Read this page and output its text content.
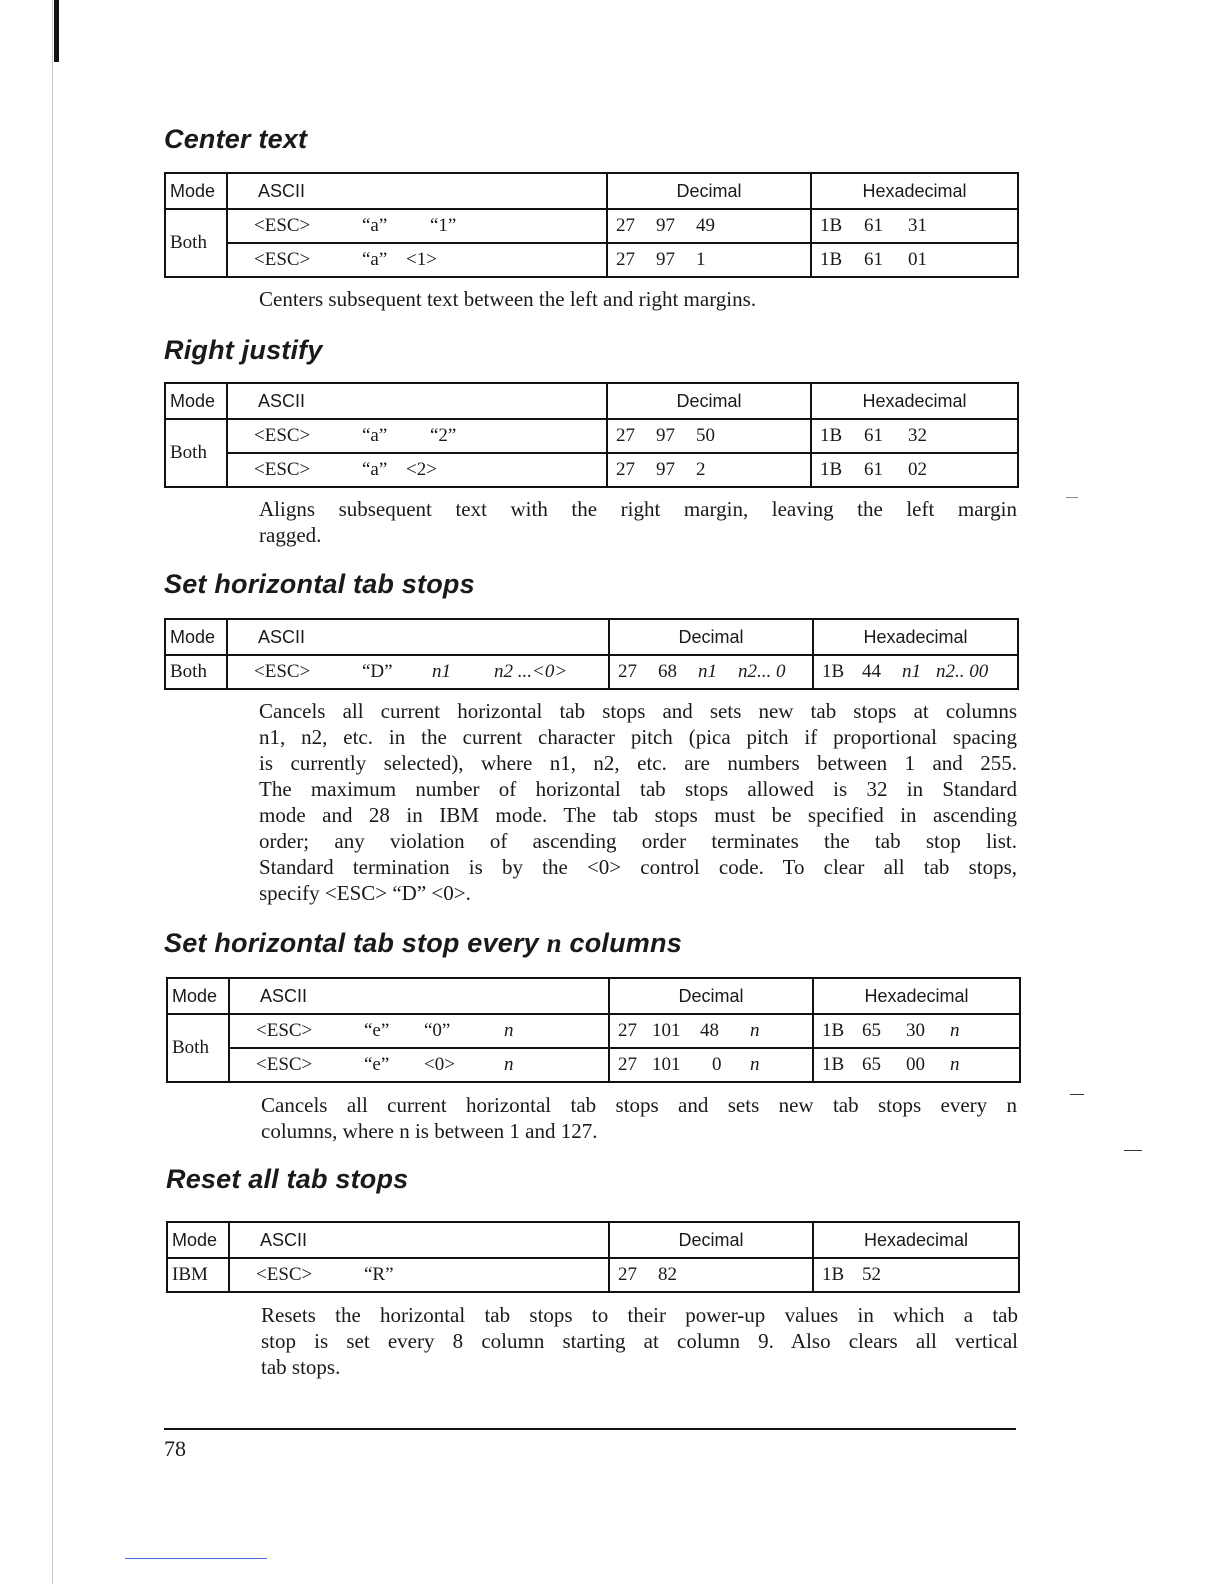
Center text
Mode	ASCII	Decimal	Hexadecimal
Both	<ESC> “a” “1”	27 97 49	1B 61 31
	<ESC> “a” <1>	27 97 1	1B 61 01

Centers subsequent text between the left and right margins.

Right justify
Mode	ASCII	Decimal	Hexadecimal
Both	<ESC> “a” “2”	27 97 50	1B 61 32
	<ESC> “a” <2>	27 97 2	1B 61 02

Aligns subsequent text with the right margin, leaving the left margin
ragged.

Set horizontal tab stops
Mode	ASCII	Decimal	Hexadecimal
Both	<ESC> “D” n1 n2 ...<0>	27 68 n1 n2... 0	1B 44 n1 n2.. 00

Cancels all current horizontal tab stops and sets new tab stops at columns
n1, n2, etc. in the current character pitch (pica pitch if proportional spacing
is currently selected), where n1, n2, etc. are numbers between 1 and 255.
The maximum number of horizontal tab stops allowed is 32 in Standard
mode and 28 in IBM mode. The tab stops must be specified in ascending
order; any violation of ascending order terminates the tab stop list.
Standard termination is by the <0> control code. To clear all tab stops,
specify <ESC> “D” <0>.

Set horizontal tab stop every n columns
Mode	ASCII	Decimal	Hexadecimal
Both	<ESC> “e” “0” n	27 101 48 n	1B 65 30 n
	<ESC> “e” <0> n	27 101 0 n	1B 65 00 n

Cancels all current horizontal tab stops and sets new tab stops every n
columns, where n is between 1 and 127.

Reset all tab stops
Mode	ASCII	Decimal	Hexadecimal
IBM	<ESC> “R”	27 82	1B 52

Resets the horizontal tab stops to their power-up values in which a tab
stop is set every 8 column starting at column 9. Also clears all vertical
tab stops.

78
